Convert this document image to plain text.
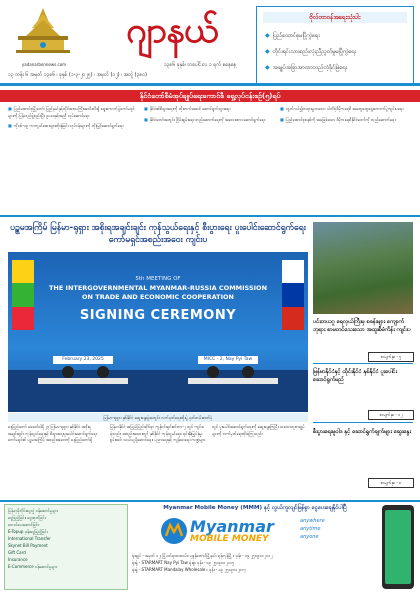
yadanarbonnews.com
ဂျာနယ်
၁၃၈၆ ခုနှစ်၊ တပေါင်းလ ၁ ရက် စနေနေ့
၁၃ တန်း ၆ အမှတ် ၁၃၈၆ ၊ ခုနှစ် (၁-၃-၂၀၂၅) ၊ အမှတ် (၁၂) ၊ အတွဲ (၃၈၀)
ဗိုလ်တာဝန်အရေးသုံးပါး
◆ ပြည်ထောင်စုမပြိုကွဲရေး
◆ တိုင်းရင်းသားစည်းလုံးညီညွတ်မှုမပြိုကွဲရေး
◆ အချုပ်အခြာအာဏာတည်တံ့ခိုင်မြဲရေး
နိုင်ငံတော်စီမံအုပ်ချုပ်ရေးကောင်စီ ရှေ့လုပ်ငန်းစဉ်(၅)ရပ်

■ ပြည်ထောင်စုမြို့တော်၊ ပြည်နယ်နှင့်တိုင်းဒေသကြီးအသီးသီးရှိ ရွေးကောက်ပွဲကော်မရှင်များကို ပြန်လည်ဖွဲ့စည်းပြီး ဥပဒေနှင့်အညီ လုပ်ဆောင်ရေး

■ ကိုဗစ်-၁၉ ကာကွယ်ဆေးများထိုးနှံခြင်း လုပ်ငန်းများကို တိုးမြှင့်ဆောင်ရွက်ရေး

■ နိုင်ငံ၏စီးပွားရေးကို တိုးတက်အောင် ဆောင်ရွက်သွားရေး

■ နိုင်ငံတော်အတွင်း ငြိမ်းချမ်းရေး တည်ဆောက်ရေးကို အလေးထား ဆောင်ရွက်ရေး

■ လွတ်လပ်၍တရားမျှတသော ပါတီစုံဒီမိုကရေစီ အထွေထွေရွေးကောက်ပွဲကျင်းပရေး

■ ပြည်ထောင်စုစနစ်ကို အခြေခံသော ဒီမိုကရေစီနိုင်ငံတော်ကို တည်ဆောက်ရေး

ပဉ္စမအကြိမ် မြန်မာ-ရုရှား အစိုးရအချင်းချင်း ကုန်သွယ်ရေးနှင့် စီးပွားရေး ပူးပေါင်းဆောင်ရွက်ရေးကော်မရှင်အစည်းအဝေး ကျင်းပ
5th MEETING OF
THE INTERGOVERNMENTAL MYANMAR-RUSSIA COMMISSION
ON TRADE AND ECONOMIC COOPERATION
SIGNING CEREMONY
February 23, 2025	MICC - 2, Nay Pyi Taw
မြန်မာ-ရုရှား နှစ်နိုင်ငံ ဆွေးနွေးပွဲအတွင်း လက်မှတ်ရေးထိုးပွဲ မှတ်တမ်းဓာတ်ပုံ
နေပြည်တော် ဖေဖော်ဝါရီ ၂၃ မြန်မာ-ရုရှား နှစ်နိုင်ငံ အစိုးရအချင်းချင်း ကုန်သွယ်ရေးနှင့် စီးပွားရေးပူးပေါင်းဆောင်ရွက်ရေး ကော်မရှင်၏ ပဉ္စမအကြိမ် အစည်းအဝေးကို နေပြည်တော်ရှိ မြန်မာနိုင်ငံ အပြည်ပြည်ဆိုင်ရာ ကွန်ဗင်းရှင်းစင်တာ-၂ တွင် ကျင်းပခဲ့သည်။ အစည်းအဝေးတွင် နှစ်နိုင်ငံ ကုန်သွယ်ရေး၊ ရင်းနှီးမြှုပ်နှံမှု၊ စွမ်းအင်၊ သယ်ယူပို့ဆောင်ရေး၊ ပညာရေးနှင့် ကျန်းမာရေး ကဏ္ဍများတွင် ပူးပေါင်းဆောင်ရွက်ရေးကို ဆွေးနွေးကြပြီး သဘောတူစာချုပ်များကို လက်မှတ်ရေးထိုးခဲ့ကြသည်။
ပင်းတယဂူ ရေလှယ်ကြီးမှ စခန်းများ ကျောက်ဘုရား စာမတင်သေးသော အထူးစီမံကိန်း ကျင်းပ
စာမျက်နှာ - ၅
မြန်မာနိုင်ငံနှင့် ထိုင်းနိုင်ငံ နှစ်နိုင်ငံ ပူးပေါင်း ဆောင်ရွက်မည်
စာမျက်နှာ - ၁၂
စီးပွားရေးမူဝါဒ နှင့် ဆောင်ရွက်ချက်များ ဆွေးနွေး
စာမျက်နှာ - ၈
မြန်မာ့မိုဘိုင်းငွေလွှဲ ဝန်ဆောင်မှုများ
ငွေဖြည့်ခြင်း၊ ငွေထုတ်ခြင်း
ဘေလ်ပေးဆောင်ခြင်း
E-Topup ဖုန်းငွေဖြည့်ခြင်း
International Transfer
Skynet Bill Payment
Gift Card
Insurance
E-Commerce ဝန်ဆောင်မှုများ
Myanmar Mobile Money (MMM) နှင့် လွယ်ကူလျင်မြန်စွာ ငွေပေးချေနိုင်ပါပြီ
Myanmar
MOBILE MONEY
anywhere
anytime
anyone
ရုံးချုပ် - အမှတ် ၁၂၊ မြို့ပတ်ရထားလမ်း၊ ပုဇွန်တောင်မြို့နယ်၊ ရန်ကုန်မြို့ ။ ဖုန်း - ၀၉ ၂၅၀၉၁၀၂၁၁၂
ရုံးခွဲ - STARMART Nay Pyi Taw ရုံးခွဲ။ ဖုန်း - ၀၉ ၂၅၀၉၁၀၂၁၁၅
ရုံးခွဲ - STARMART Mandalay Wholesale ။ ဖုန်း - ၀၉ ၂၅၀၉၁၀၂၁၁၇
